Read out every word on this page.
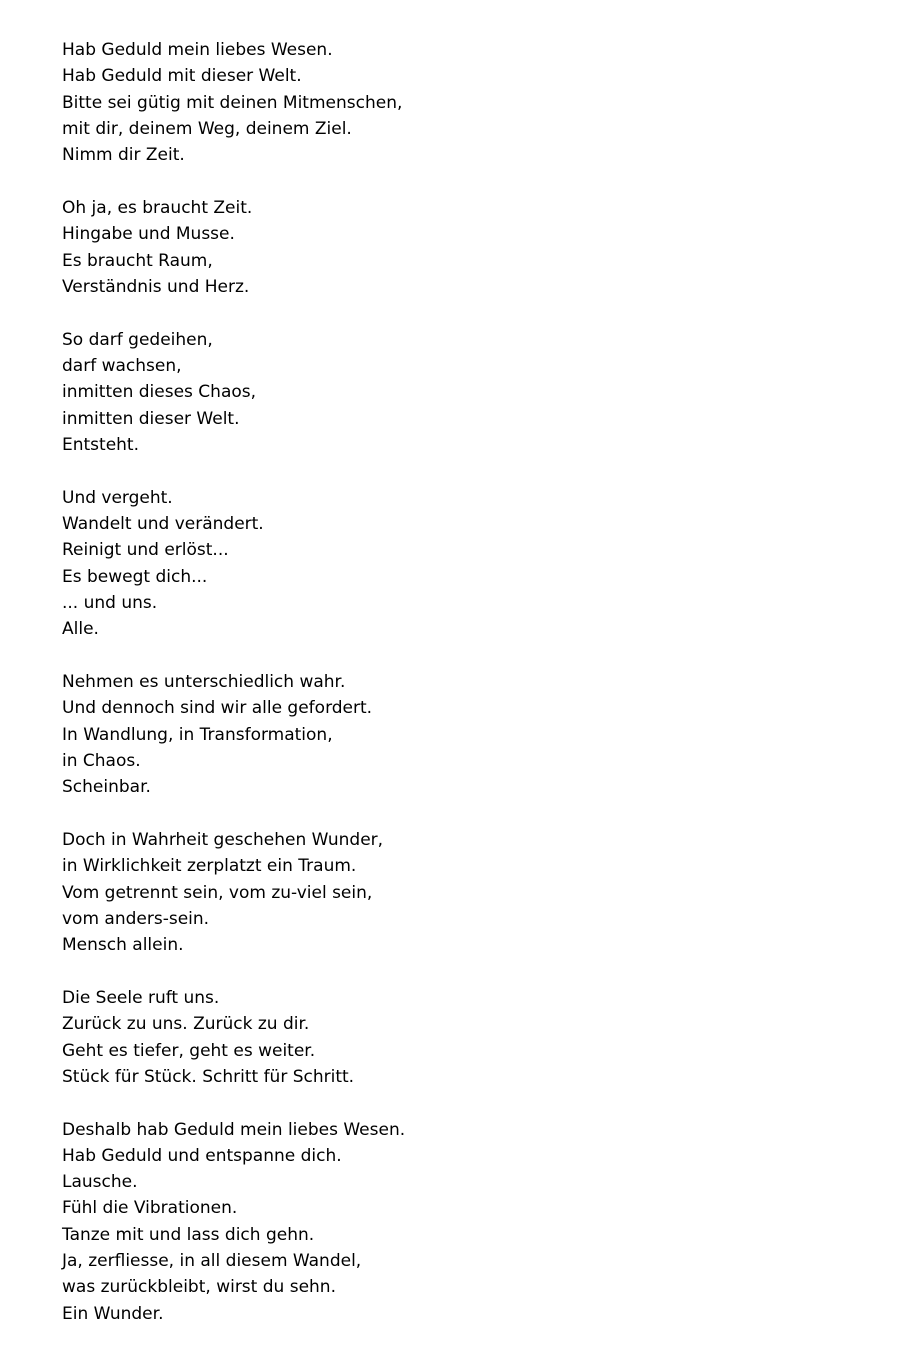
Hab Geduld mein liebes Wesen.
Hab Geduld mit dieser Welt.
Bitte sei gütig mit deinen Mitmenschen,
mit dir, deinem Weg, deinem Ziel.
Nimm dir Zeit.
Oh ja, es braucht Zeit.
Hingabe und Musse.
Es braucht Raum,
Verständnis und Herz.
So darf gedeihen,
darf wachsen,
inmitten dieses Chaos,
inmitten dieser Welt.
Entsteht.
Und vergeht.
Wandelt und verändert.
Reinigt und erlöst...
Es bewegt dich...
... und uns.
Alle.
Nehmen es unterschiedlich wahr.
Und dennoch sind wir alle gefordert.
In Wandlung, in Transformation,
in Chaos.
Scheinbar.
Doch in Wahrheit geschehen Wunder,
in Wirklichkeit zerplatzt ein Traum.
Vom getrennt sein, vom zu-viel sein,
vom anders-sein.
Mensch allein.
Die Seele ruft uns.
Zurück zu uns. Zurück zu dir.
Geht es tiefer, geht es weiter.
Stück für Stück. Schritt für Schritt.
Deshalb hab Geduld mein liebes Wesen.
Hab Geduld und entspanne dich.
Lausche.
Fühl die Vibrationen.
Tanze mit und lass dich gehn.
Ja, zerfliesse, in all diesem Wandel,
was zurückbleibt, wirst du sehn.
Ein Wunder.
